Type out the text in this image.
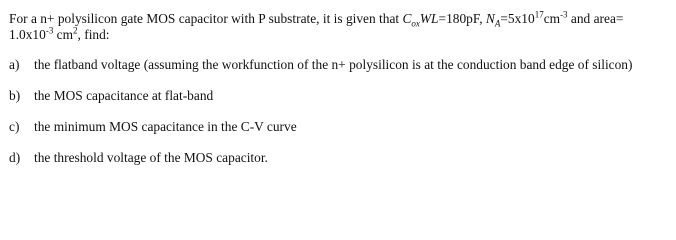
For a n+ polysilicon gate MOS capacitor with P substrate, it is given that $C_{ox}WL=180pF$, $N_A=5x10^{17}cm^{-3}$ and area=
$1.0x10^{-3}$ $cm^2$, find:

a) the flatband voltage (assuming the workfunction of the n+ polysilicon is at the conduction band edge of silicon)
b) the MOS capacitance at flat-band
c) the minimum MOS capacitance in the C-V curve
d) the threshold voltage of the MOS capacitor.
